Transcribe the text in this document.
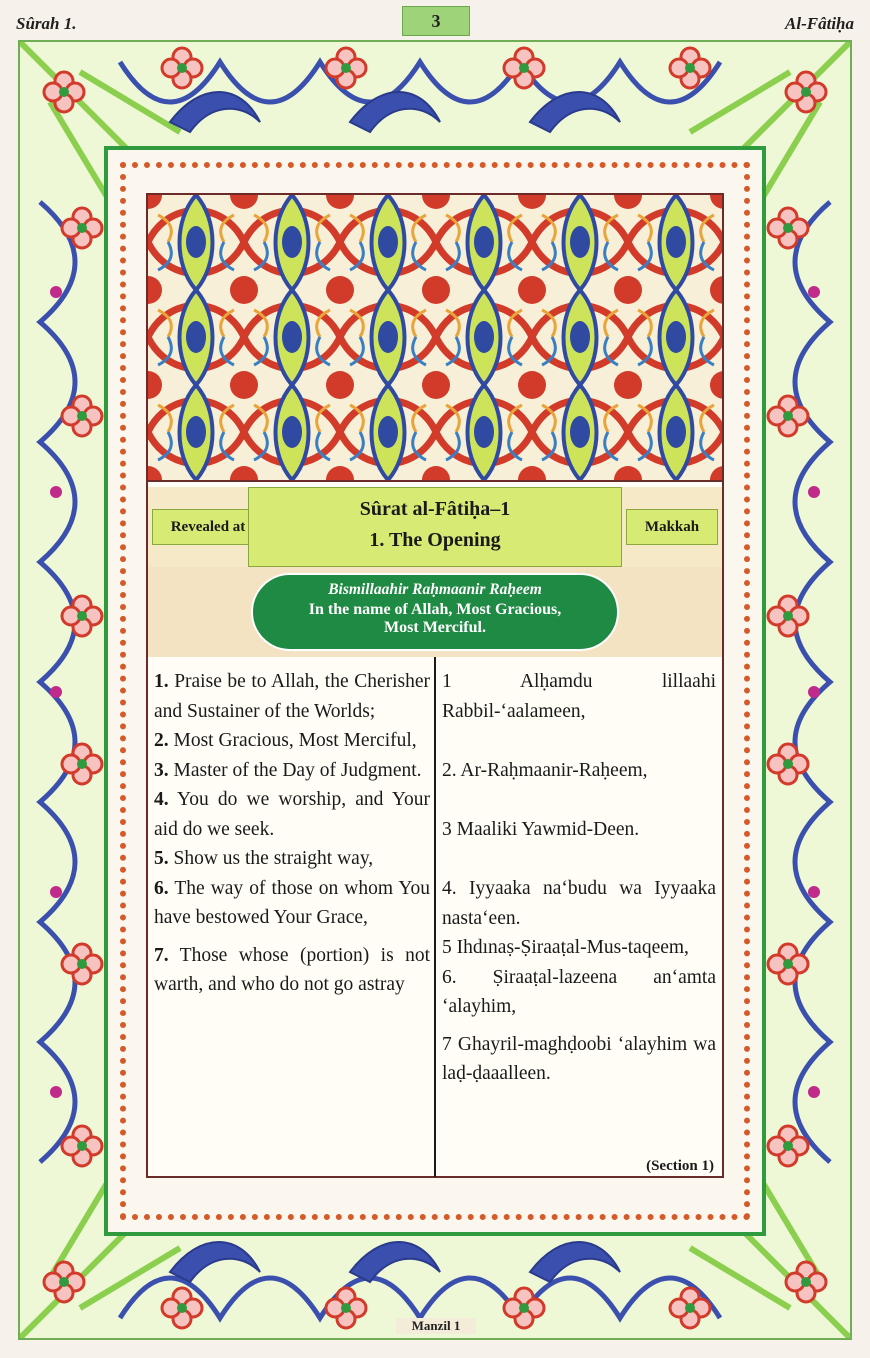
Sûrah 1.	3	Al-Fâtiḥa
Revealed at
Sûrat al-Fâtiḥa–1
1. The Opening
Makkah
Bismillaahir Raḥmaanir Raḥeem
In the name of Allah, Most Gracious,
Most Merciful.
1. Praise be to Allah, the Cherisher and Sustainer of the Worlds;
2. Most Gracious, Most Merciful,
3. Master of the Day of Judgment.
4. You do we worship, and Your aid do we seek.
5. Show us the straight way,
6. The way of those on whom You have bestowed Your Grace,
7. Those whose (portion) is not warth, and who do not go astray
1 Alḥamdu lillaahi Rabbil-‘aalameen,
2. Ar-Raḥmaanir-Raḥeem,
3 Maaliki Yawmid-Deen.
4. Iyyaaka na‘budu wa Iyyaaka nasta‘een.
5 Ihdınaṣ-Ṣiraaṭal-Mus-taqeem,
6. Ṣiraaṭal-lazeena an‘amta ‘alayhim,
7 Ghayril-maghḍoobi ‘alayhim wa laḍ-ḍaaalleen.
(Section 1)
Manzil 1
